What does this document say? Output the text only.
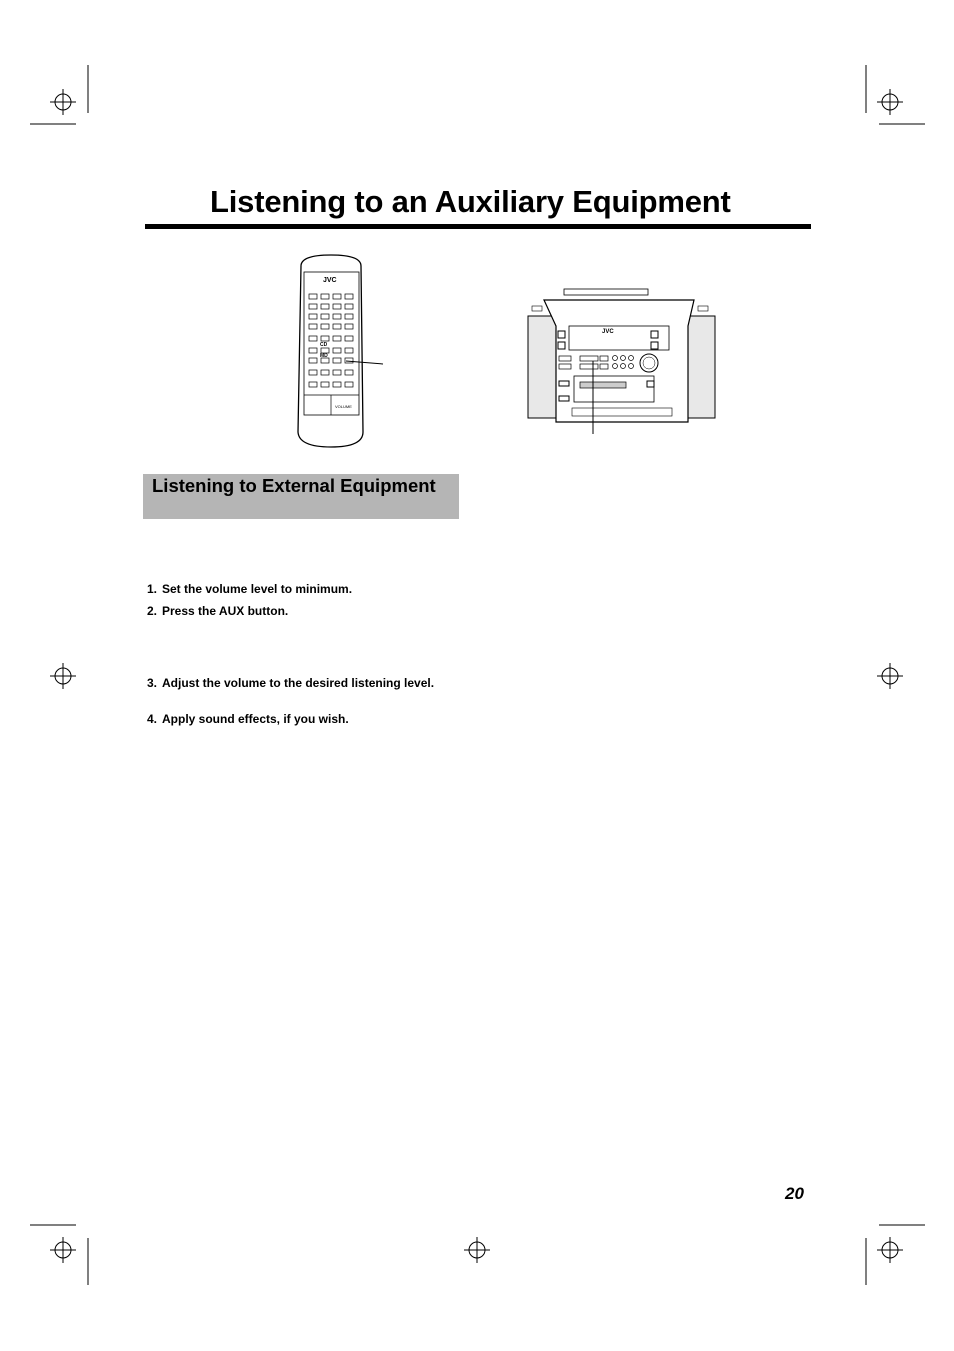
Listening to an Auxiliary Equipment
JVC
CD
MD
VOLUME
JVC
Listening to External Equipment
1. Set the volume level to minimum.
2. Press the AUX button.
3. Adjust the volume to the desired listening level.
4. Apply sound effects, if you wish.
20
